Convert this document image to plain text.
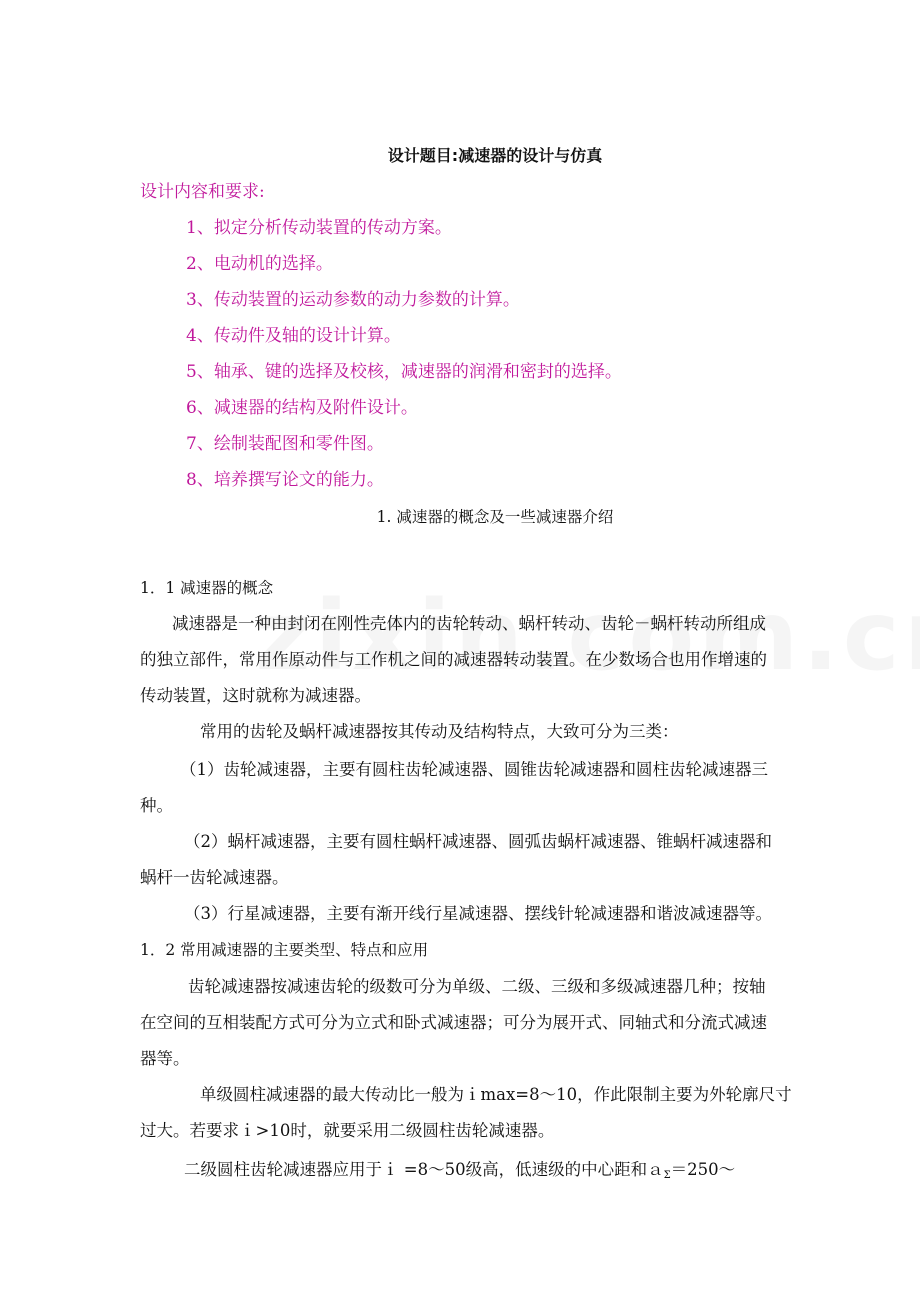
设计题目:减速器的设计与仿真
设计内容和要求:
1、拟定分析传动装置的传动方案。
2、电动机的选择。
3、传动装置的运动参数的动力参数的计算。
4、传动件及轴的设计计算。
5、轴承、键的选择及校核，减速器的润滑和密封的选择。
6、减速器的结构及附件设计。
7、绘制装配图和零件图。
8、培养撰写论文的能力。
1. 减速器的概念及一些减速器介绍
1．1 减速器的概念
减速器是一种由封闭在刚性壳体内的齿轮转动、蜗杆转动、齿轮－蜗杆转动所组成
的独立部件，常用作原动件与工作机之间的减速器转动装置。在少数场合也用作增速的
传动装置，这时就称为减速器。
常用的齿轮及蜗杆减速器按其传动及结构特点，大致可分为三类：
（1）齿轮减速器，主要有圆柱齿轮减速器、圆锥齿轮减速器和圆柱齿轮减速器三
种。
（2）蜗杆减速器，主要有圆柱蜗杆减速器、圆弧齿蜗杆减速器、锥蜗杆减速器和
蜗杆一齿轮减速器。
（3）行星减速器，主要有渐开线行星减速器、摆线针轮减速器和谐波减速器等。
1．2 常用减速器的主要类型、特点和应用
齿轮减速器按减速齿轮的级数可分为单级、二级、三级和多级减速器几种；按轴
在空间的互相装配方式可分为立式和卧式减速器；可分为展开式、同轴式和分流式减速
器等。
单级圆柱减速器的最大传动比一般为ｉmax=8～10，作此限制主要为外轮廓尺寸
过大。若要求ｉ>10时，就要采用二级圆柱齿轮减速器。
二级圆柱齿轮减速器应用于ｉ =8～50级高，低速级的中心距和ａ$_\Sigma$＝250～
